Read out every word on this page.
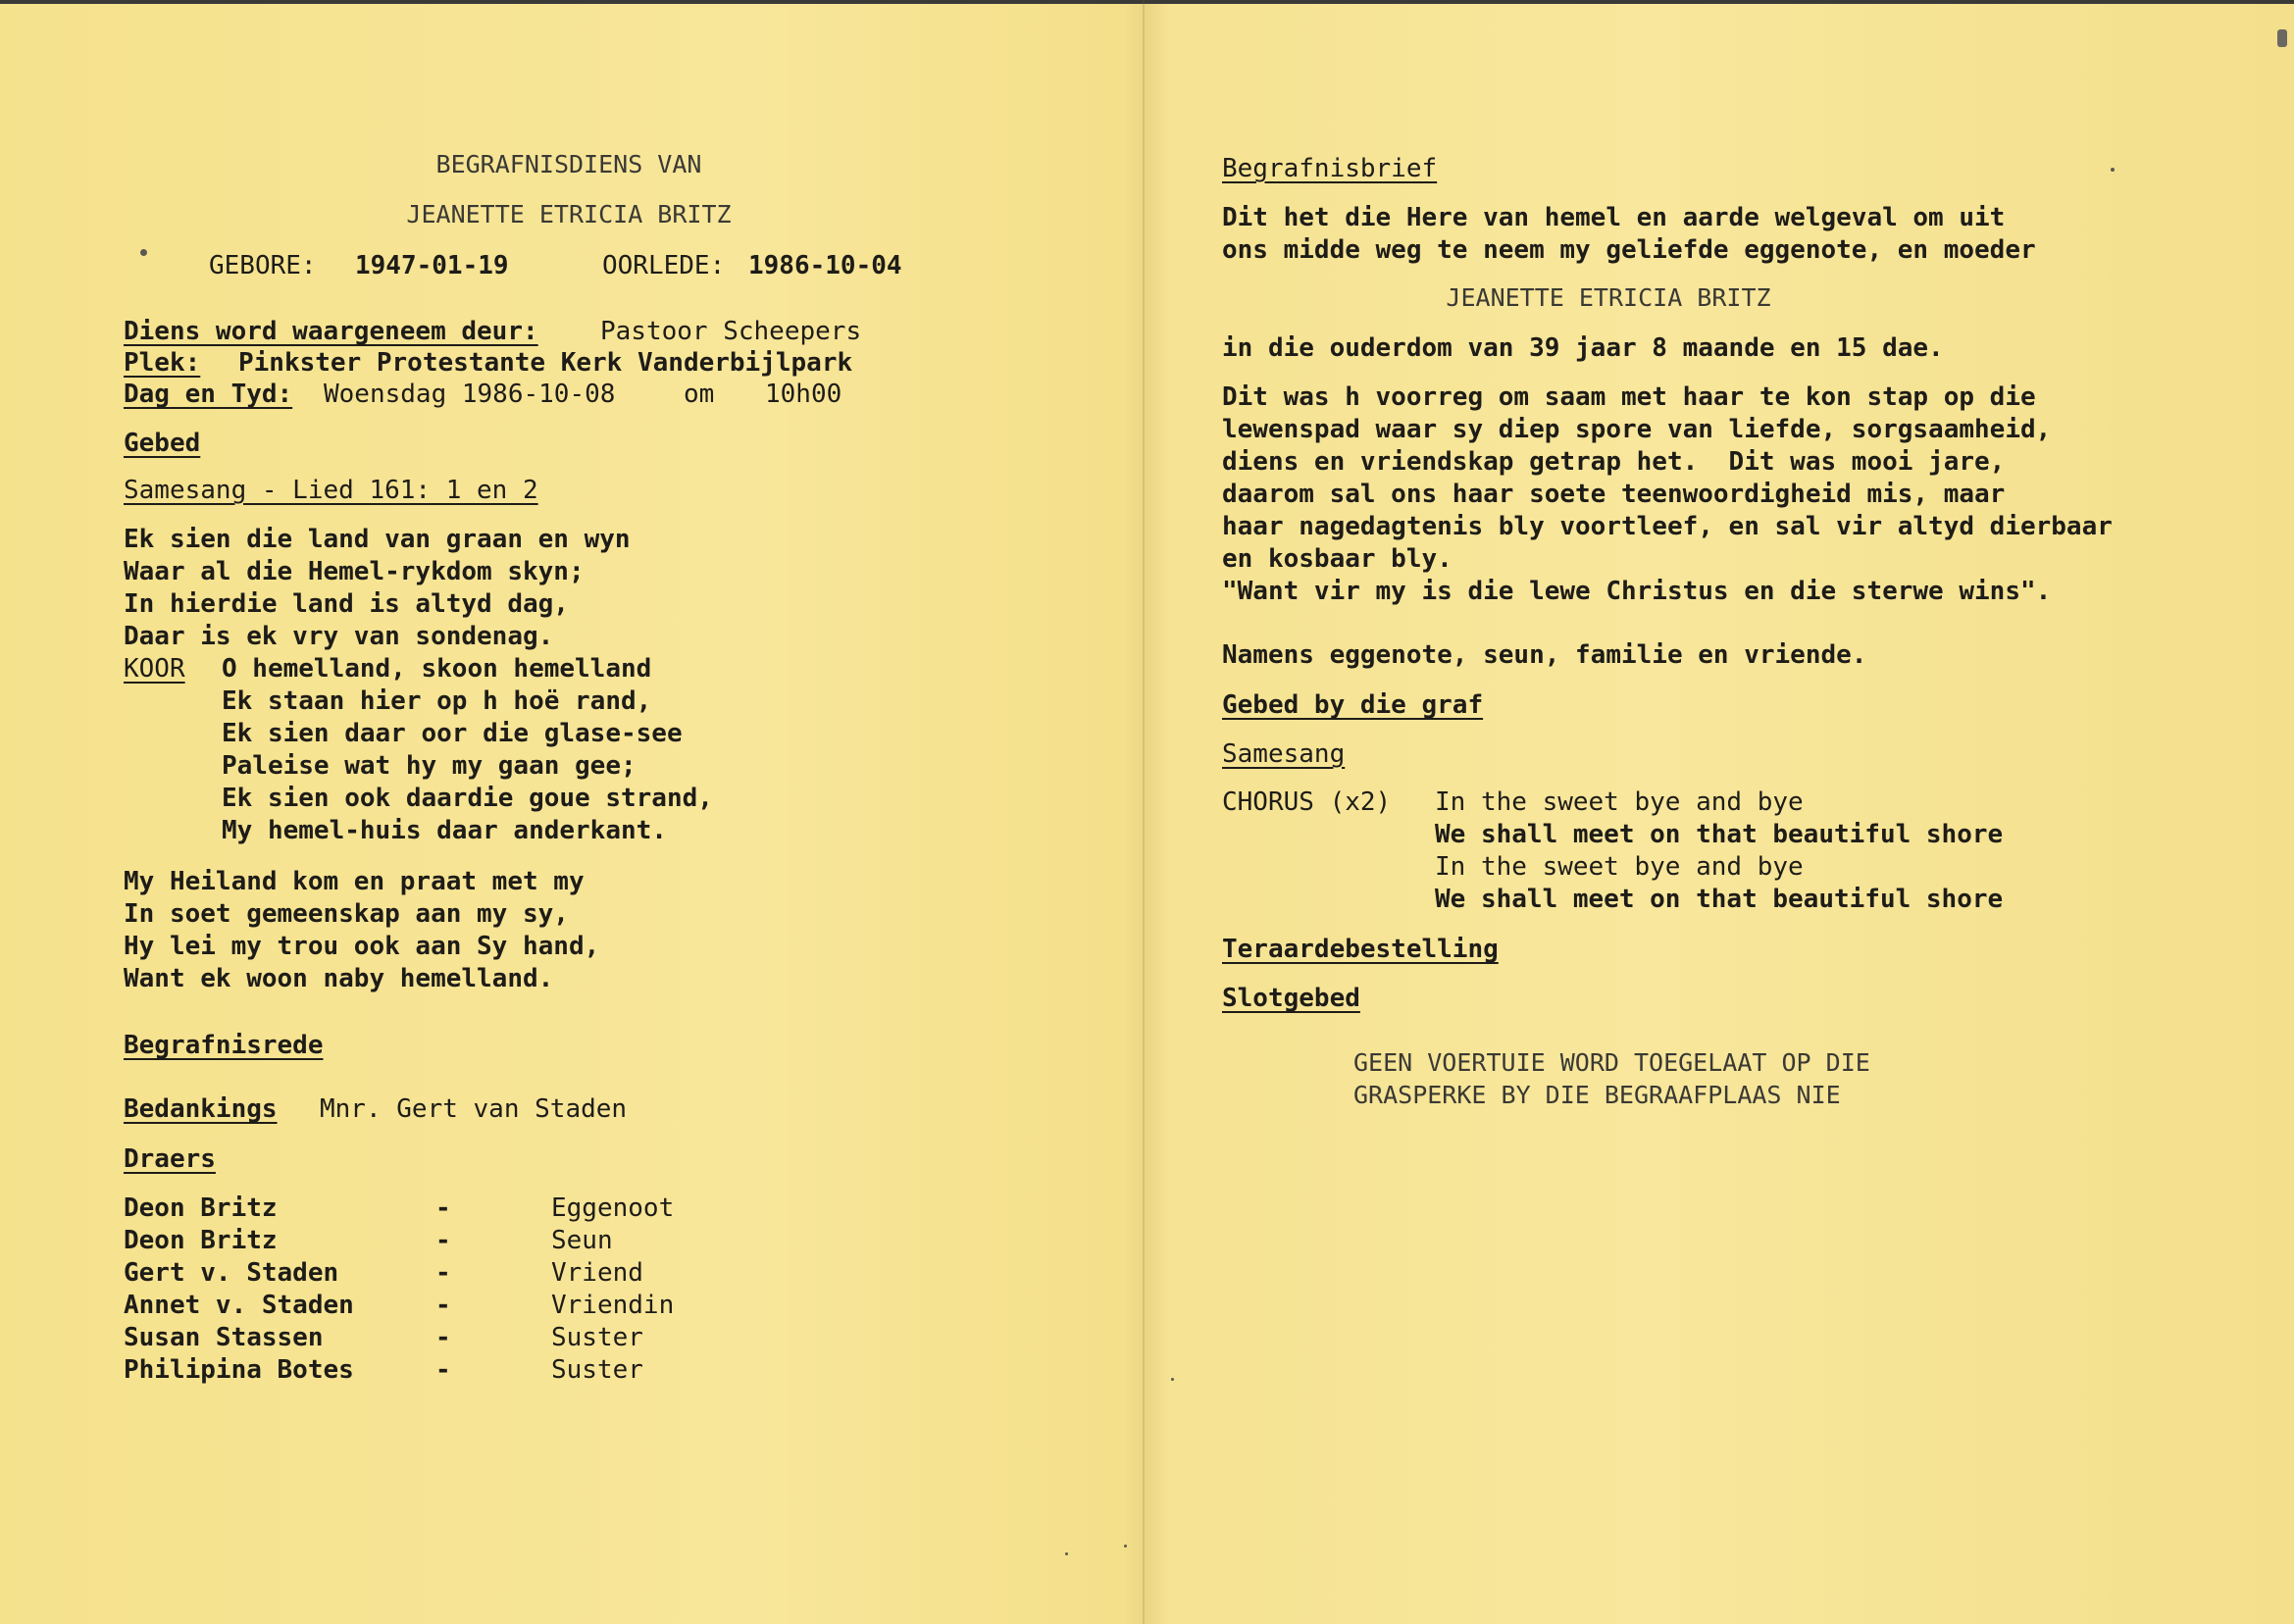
BEGRAFNISDIENS VAN
JEANETTE ETRICIA BRITZ
GEBORE: 1947-01-19	OORLEDE: 1986-10-04
Diens word waargeneem deur: Pastoor Scheepers
Plek: Pinkster Protestante Kerk Vanderbijlpark
Dag en Tyd: Woensdag 1986-10-08	om 10h00
Gebed
Samesang - Lied 161: 1 en 2
Ek sien die land van graan en wyn
Waar al die Hemel-rykdom skyn;
In hierdie land is altyd dag,
Daar is ek vry van sondenag.
KOOR O hemelland, skoon hemelland
Ek staan hier op h hoë rand,
Ek sien daar oor die glase-see
Paleise wat hy my gaan gee;
Ek sien ook daardie goue strand,
My hemel-huis daar anderkant.
My Heiland kom en praat met my
In soet gemeenskap aan my sy,
Hy lei my trou ook aan Sy hand,
Want ek woon naby hemelland.
Begrafnisrede
Bedankings Mnr. Gert van Staden
Draers
Deon Britz	-	Eggenoot
Deon Britz	-	Seun
Gert v. Staden	-	Vriend
Annet v. Staden	-	Vriendin
Susan Stassen	-	Suster
Philipina Botes	-	Suster
Begrafnisbrief
Dit het die Here van hemel en aarde welgeval om uit
ons midde weg te neem my geliefde eggenote, en moeder
JEANETTE ETRICIA BRITZ
in die ouderdom van 39 jaar 8 maande en 15 dae.
Dit was h voorreg om saam met haar te kon stap op die
lewenspad waar sy diep spore van liefde, sorgsaamheid,
diens en vriendskap getrap het.  Dit was mooi jare,
daarom sal ons haar soete teenwoordigheid mis, maar
haar nagedagtenis bly voortleef, en sal vir altyd dierbaar
en kosbaar bly.
"Want vir my is die lewe Christus en die sterwe wins".
Namens eggenote, seun, familie en vriende.
Gebed by die graf
Samesang
CHORUS (x2) In the sweet bye and bye
We shall meet on that beautiful shore
In the sweet bye and bye
We shall meet on that beautiful shore
Teraardebestelling
Slotgebed
GEEN VOERTUIE WORD TOEGELAAT OP DIE
GRASPERKE BY DIE BEGRAAFPLAAS NIE
